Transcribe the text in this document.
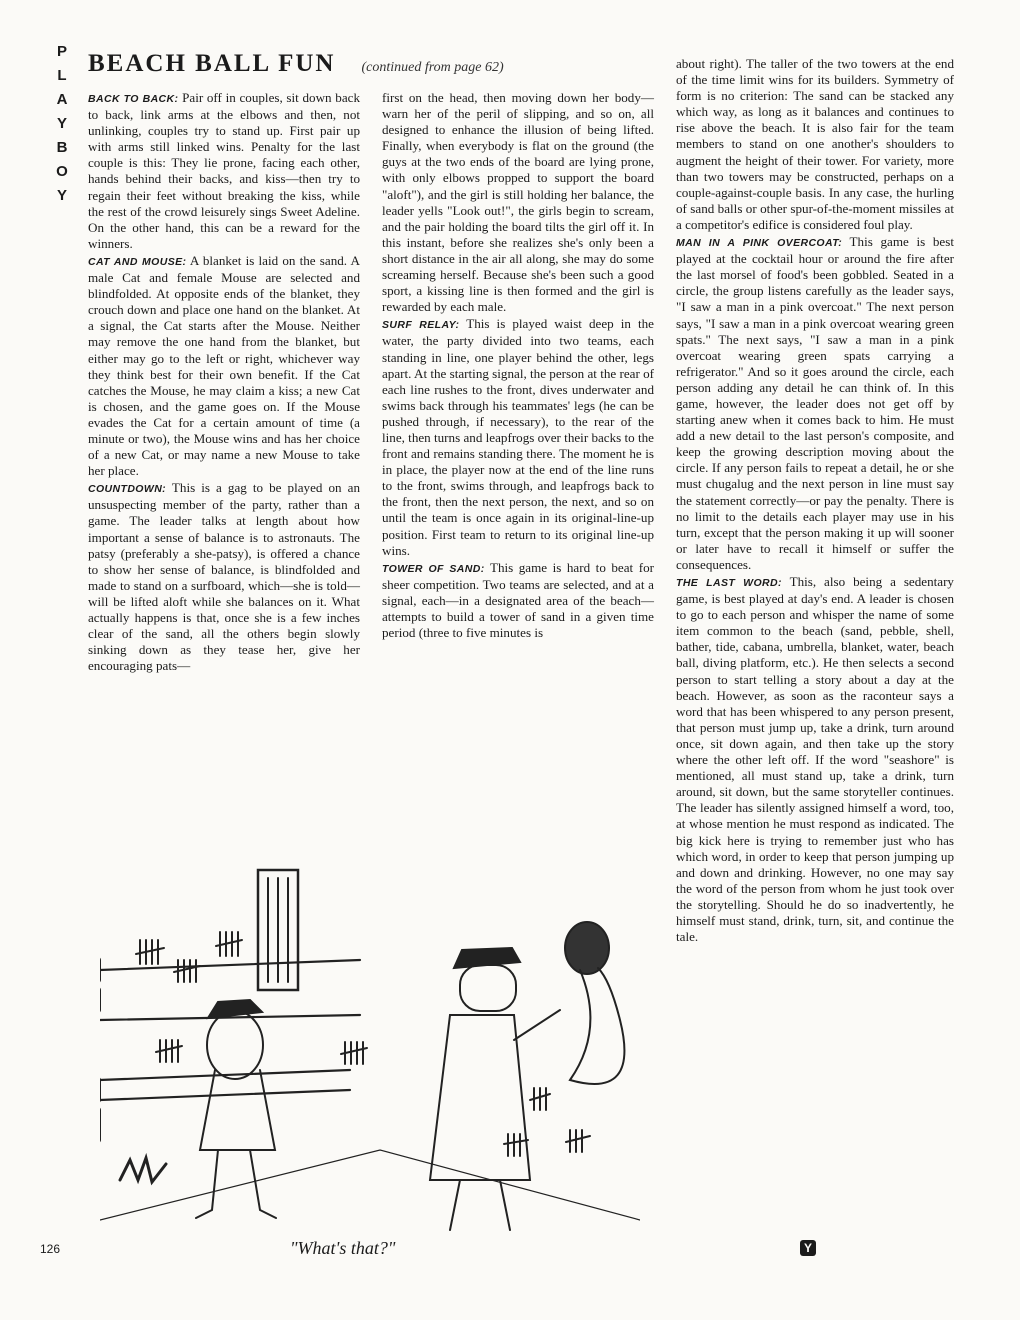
P
L
A
Y
B
O
Y
BEACH BALL FUN (continued from page 62)

BACK TO BACK: Pair off in couples, sit down back to back, link arms at the elbows and then, not unlinking, couples try to stand up. First pair up with arms still linked wins. Penalty for the last couple is this: They lie prone, facing each other, hands behind their backs, and kiss—then try to regain their feet without breaking the kiss, while the rest of the crowd leisurely sings Sweet Adeline. On the other hand, this can be a reward for the winners.

CAT AND MOUSE: A blanket is laid on the sand. A male Cat and female Mouse are selected and blindfolded. At opposite ends of the blanket, they crouch down and place one hand on the blanket. At a signal, the Cat starts after the Mouse. Neither may remove the one hand from the blanket, but either may go to the left or right, whichever way they think best for their own benefit. If the Cat catches the Mouse, he may claim a kiss; a new Cat is chosen, and the game goes on. If the Mouse evades the Cat for a certain amount of time (a minute or two), the Mouse wins and has her choice of a new Cat, or may name a new Mouse to take her place.

COUNTDOWN: This is a gag to be played on an unsuspecting member of the party, rather than a game. The leader talks at length about how important a sense of balance is to astronauts. The patsy (preferably a she-patsy), is offered a chance to show her sense of balance, is blindfolded and made to stand on a surfboard, which—she is told—will be lifted aloft while she balances on it. What actually happens is that, once she is a few inches clear of the sand, all the others begin slowly sinking down as they tease her, give her encouraging pats—

first on the head, then moving down her body—warn her of the peril of slipping, and so on, all designed to enhance the illusion of being lifted. Finally, when everybody is flat on the ground (the guys at the two ends of the board are lying prone, with only elbows propped to support the board "aloft"), and the girl is still holding her balance, the leader yells "Look out!", the girls begin to scream, and the pair holding the board tilts the girl off it. In this instant, before she realizes she's only been a short distance in the air all along, she may do some screaming herself. Because she's been such a good sport, a kissing line is then formed and the girl is rewarded by each male.

SURF RELAY: This is played waist deep in the water, the party divided into two teams, each standing in line, one player behind the other, legs apart. At the starting signal, the person at the rear of each line rushes to the front, dives underwater and swims back through his teammates' legs (he can be pushed through, if necessary), to the rear of the line, then turns and leapfrogs over their backs to the front and remains standing there. The moment he is in place, the player now at the end of the line runs to the front, swims through, and leapfrogs back to the front, then the next person, the next, and so on until the team is once again in its original-line-up position. First team to return to its original line-up wins.

TOWER OF SAND: This game is hard to beat for sheer competition. Two teams are selected, and at a signal, each—in a designated area of the beach—attempts to build a tower of sand in a given time period (three to five minutes is

about right). The taller of the two towers at the end of the time limit wins for its builders. Symmetry of form is no criterion: The sand can be stacked any which way, as long as it balances and continues to rise above the beach. It is also fair for the team members to stand on one another's shoulders to augment the height of their tower. For variety, more than two towers may be constructed, perhaps on a couple-against-couple basis. In any case, the hurling of sand balls or other spur-of-the-moment missiles at a competitor's edifice is considered foul play.

MAN IN A PINK OVERCOAT: This game is best played at the cocktail hour or around the fire after the last morsel of food's been gobbled. Seated in a circle, the group listens carefully as the leader says, "I saw a man in a pink overcoat." The next person says, "I saw a man in a pink overcoat wearing green spats." The next says, "I saw a man in a pink overcoat wearing green spats carrying a refrigerator." And so it goes around the circle, each person adding any detail he can think of. In this game, however, the leader does not get off by starting anew when it comes back to him. He must add a new detail to the last person's composite, and keep the growing description moving about the circle. If any person fails to repeat a detail, he or she must chugalug and the next person in line must say the statement correctly—or pay the penalty. There is no limit to the details each player may use in his turn, except that the person making it up will sooner or later have to recall it himself or suffer the consequences.

THE LAST WORD: This, also being a sedentary game, is best played at day's end. A leader is chosen to go to each person and whisper the name of some item common to the beach (sand, pebble, shell, bather, tide, cabana, umbrella, blanket, water, beach ball, diving platform, etc.). He then selects a second person to start telling a story about a day at the beach. However, as soon as the raconteur says a word that has been whispered to any person present, that person must jump up, take a drink, turn around once, sit down again, and then take up the story where the other left off. If the word "seashore" is mentioned, all must stand up, take a drink, turn around, sit down, but the same storyteller continues. The leader has silently assigned himself a word, too, at whose mention he must respond as indicated. The big kick here is trying to remember just who has which word, in order to keep that person jumping up and down and drinking. However, no one may say the word of the person from whom he just took over the storytelling. Should he do so inadvertently, he himself must stand, drink, turn, sit, and continue the tale.

"What's that?"
126	Y
